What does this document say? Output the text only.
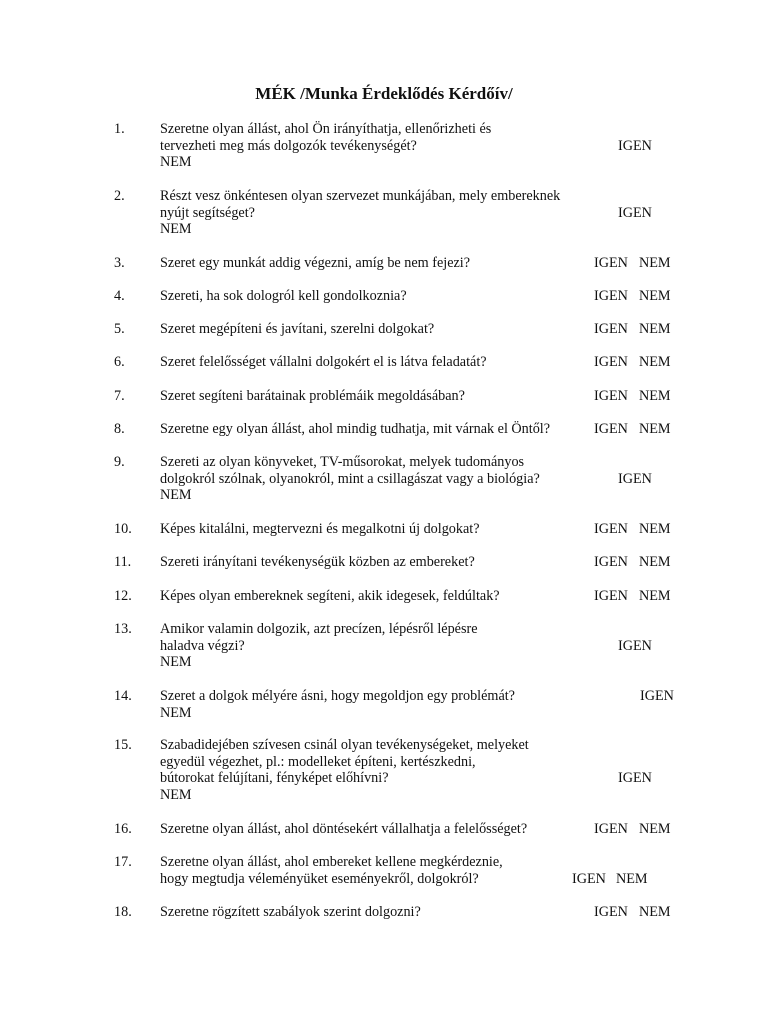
MÉK /Munka Érdeklődés Kérdőív/
1. Szeretne olyan állást, ahol Ön irányíthatja, ellenőrizheti és
tervezheti meg más dolgozók tevékenységét?	IGEN
NEM
2. Részt vesz önkéntesen olyan szervezet munkájában, mely embereknek
nyújt segítséget?	IGEN
NEM
3. Szeret egy munkát addig végezni, amíg be nem fejezi?	IGEN NEM
4. Szereti, ha sok dologról kell gondolkoznia?	IGEN NEM
5. Szeret megépíteni és javítani, szerelni dolgokat?	IGEN NEM
6. Szeret felelősséget vállalni dolgokért el is látva feladatát?	IGEN NEM
7. Szeret segíteni barátainak problémáik megoldásában?	IGEN NEM
8. Szeretne egy olyan állást, ahol mindig tudhatja, mit várnak el Öntől?	IGEN NEM
9. Szereti az olyan könyveket, TV-műsorokat, melyek tudományos
dolgokról szólnak, olyanokról, mint a csillagászat vagy a biológia?	IGEN
NEM
10. Képes kitalálni, megtervezni és megalkotni új dolgokat?	IGEN NEM
11. Szereti irányítani tevékenységük közben az embereket?	IGEN NEM
12. Képes olyan embereknek segíteni, akik idegesek, feldúltak?	IGEN NEM
13. Amikor valamin dolgozik, azt precízen, lépésről lépésre
haladva végzi?	IGEN
NEM
14. Szeret a dolgok mélyére ásni, hogy megoldjon egy problémát?	IGEN
NEM
15. Szabadidejében szívesen csinál olyan tevékenységeket, melyeket
egyedül végezhet, pl.: modelleket építeni, kertészkedni,
bútorokat felújítani, fényképet előhívni?	IGEN
NEM
16. Szeretne olyan állást, ahol döntésekért vállalhatja a felelősséget?	IGEN NEM
17. Szeretne olyan állást, ahol embereket kellene megkérdeznie,
hogy megtudja véleményüket eseményekről, dolgokról?	IGEN NEM
18. Szeretne rögzített szabályok szerint dolgozni?	IGEN NEM
